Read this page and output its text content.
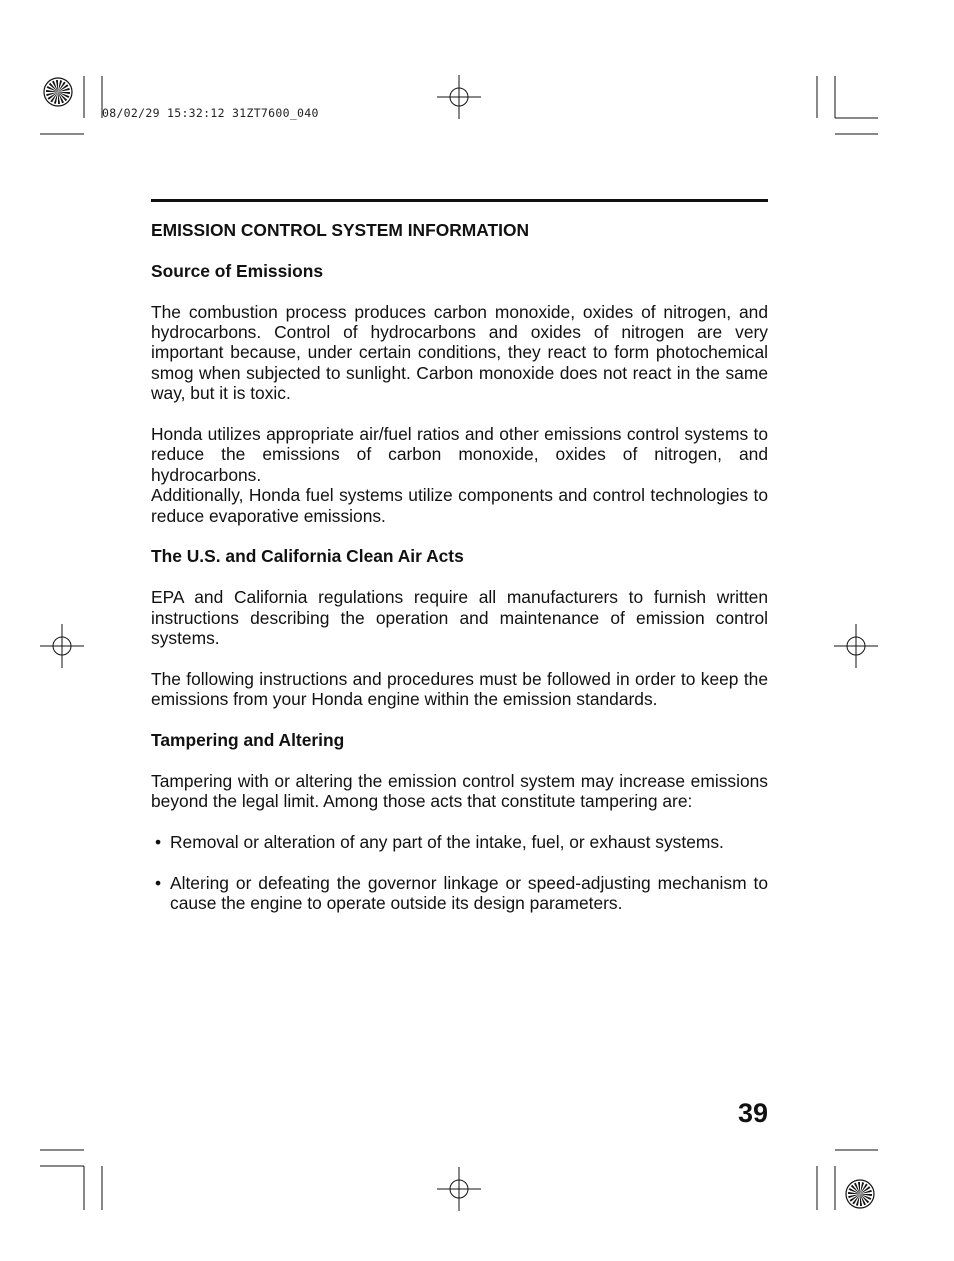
08/02/29 15:32:12 31ZT7600_040
EMISSION CONTROL SYSTEM INFORMATION
Source of Emissions

The combustion process produces carbon monoxide, oxides of nitrogen, and hydrocarbons. Control of hydrocarbons and oxides of nitrogen are very important because, under certain conditions, they react to form photochemical smog when subjected to sunlight. Carbon monoxide does not react in the same way, but it is toxic.

Honda utilizes appropriate air/fuel ratios and other emissions control systems to reduce the emissions of carbon monoxide, oxides of nitrogen, and hydrocarbons.

Additionally, Honda fuel systems utilize components and control technologies to reduce evaporative emissions.

The U.S. and California Clean Air Acts

EPA and California regulations require all manufacturers to furnish written instructions describing the operation and maintenance of emission control systems.

The following instructions and procedures must be followed in order to keep the emissions from your Honda engine within the emission standards.

Tampering and Altering

Tampering with or altering the emission control system may increase emissions beyond the legal limit. Among those acts that constitute tampering are:

• Removal or alteration of any part of the intake, fuel, or exhaust systems.
• Altering or defeating the governor linkage or speed-adjusting mechanism to cause the engine to operate outside its design parameters.
39
